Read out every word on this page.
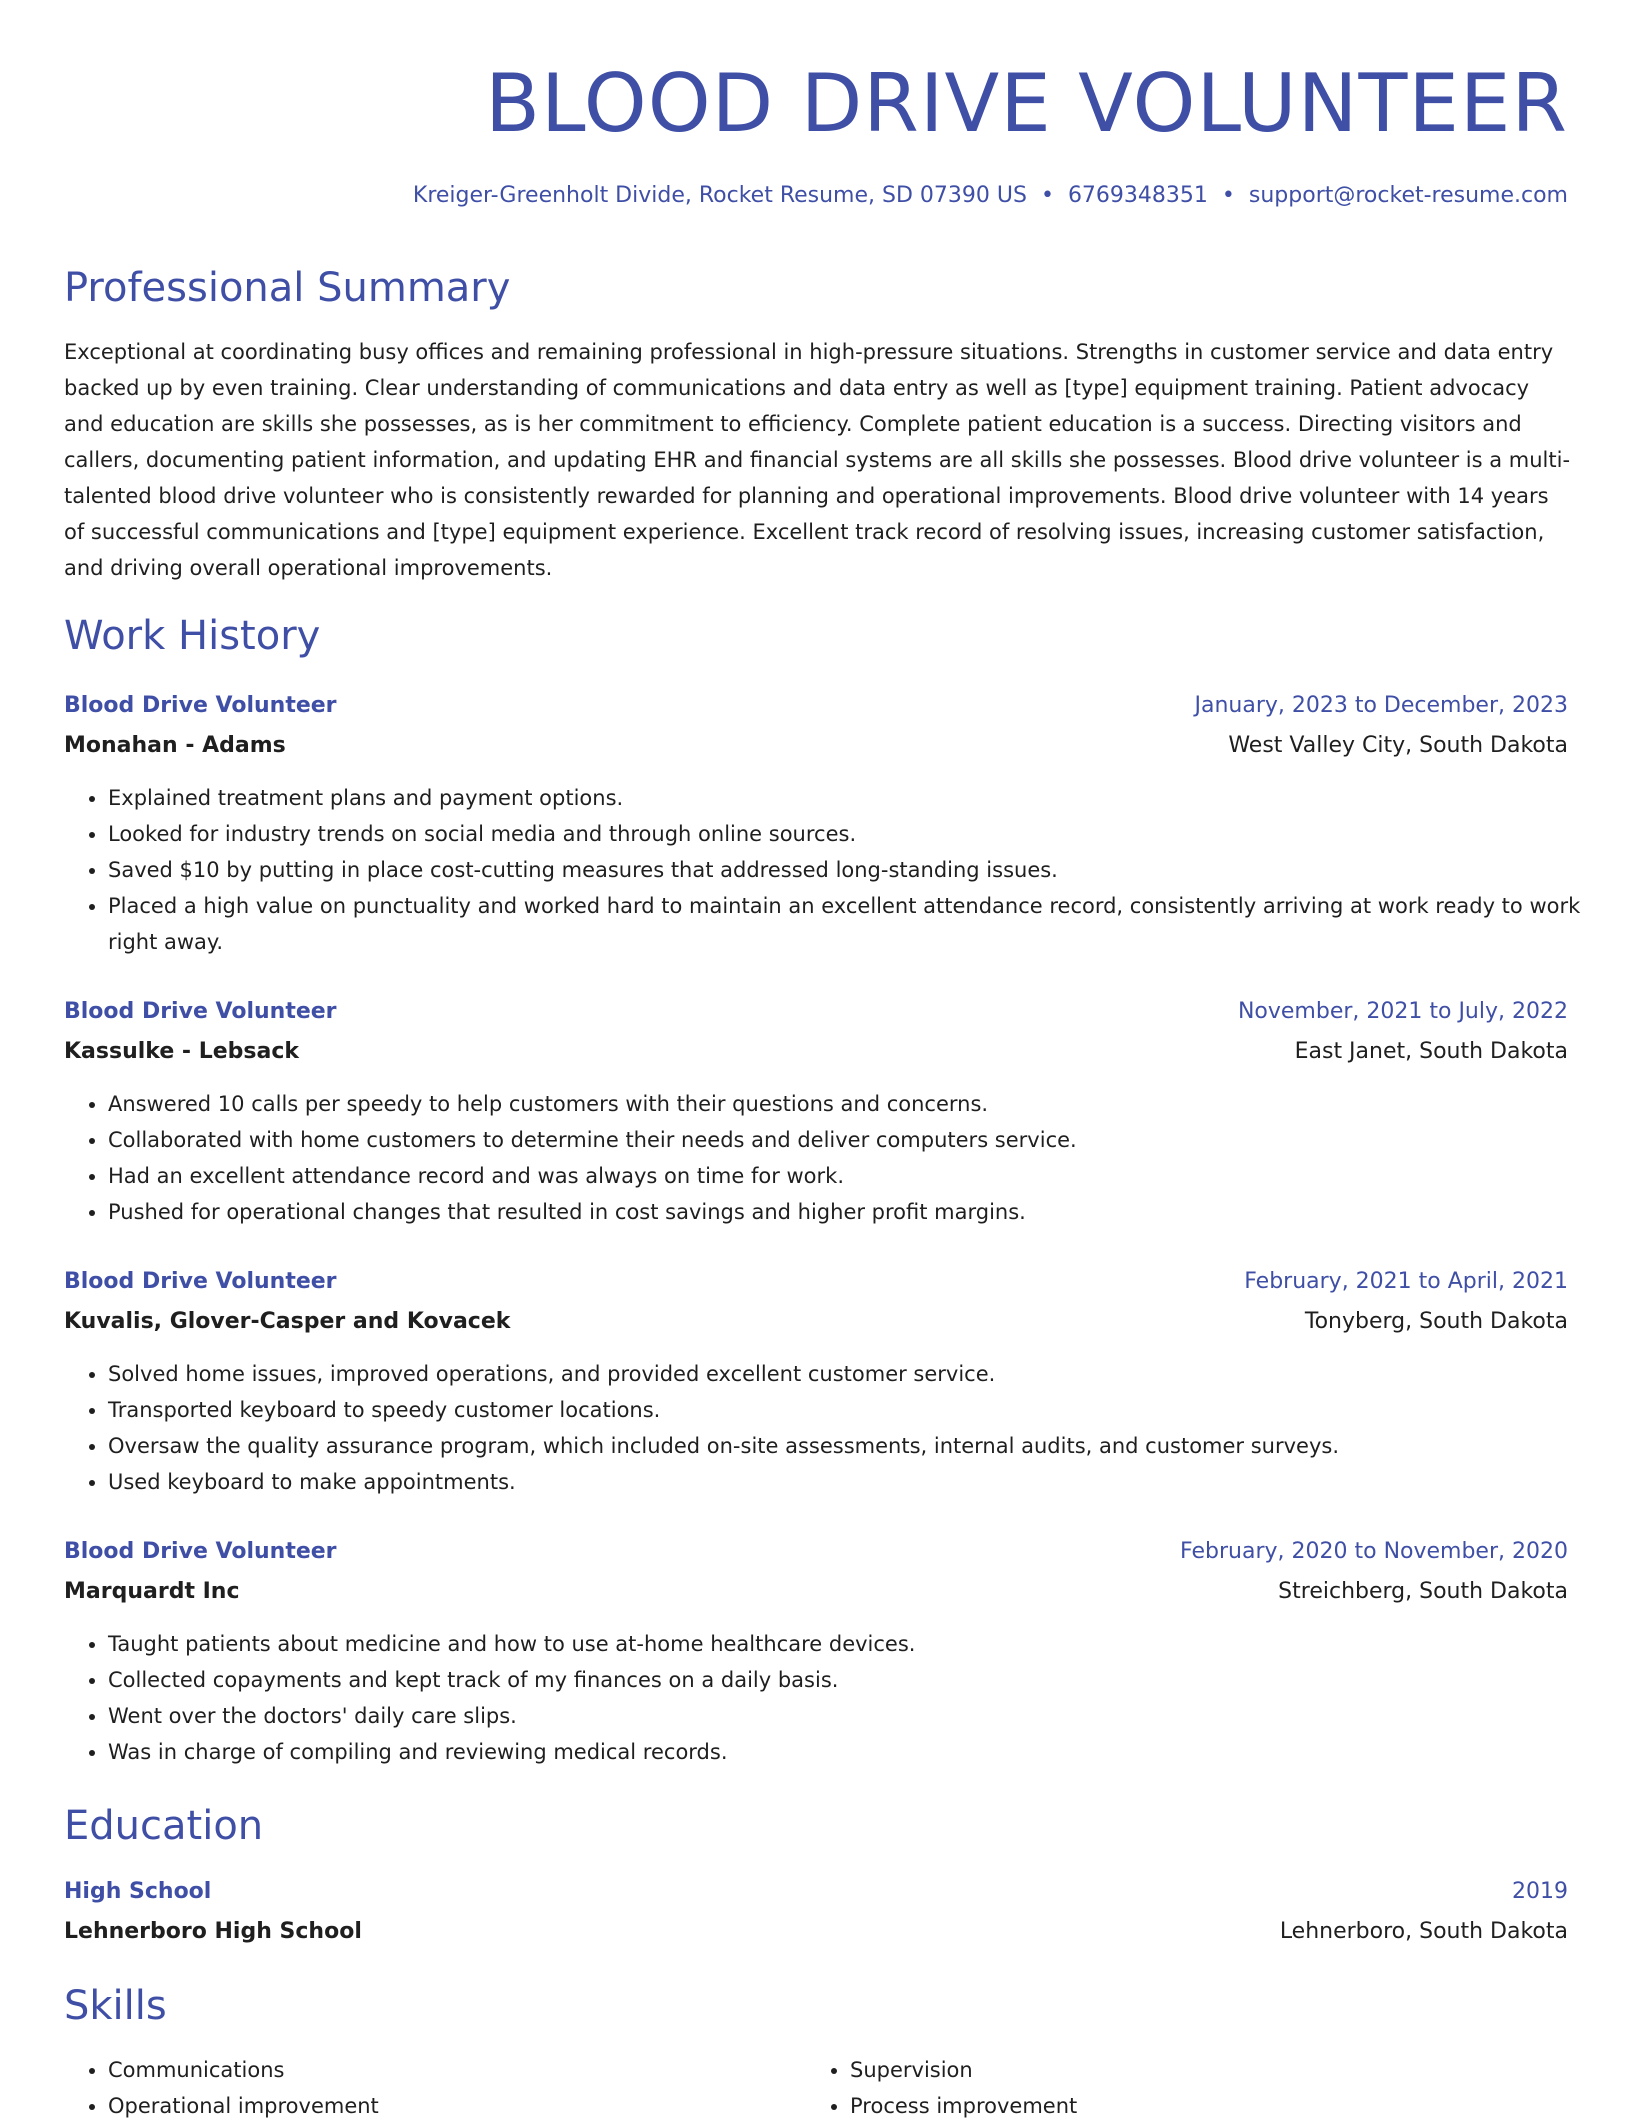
BLOOD DRIVE VOLUNTEER
Kreiger-Greenholt Divide, Rocket Resume, SD 07390 US • 6769348351 • support@rocket-resume.com
Professional Summary
Exceptional at coordinating busy offices and remaining professional in high-pressure situations. Strengths in customer service and data entry backed up by even training. Clear understanding of communications and data entry as well as [type] equipment training. Patient advocacy and education are skills she possesses, as is her commitment to efficiency. Complete patient education is a success. Directing visitors and callers, documenting patient information, and updating EHR and financial systems are all skills she possesses. Blood drive volunteer is a multi-talented blood drive volunteer who is consistently rewarded for planning and operational improvements. Blood drive volunteer with 14 years of successful communications and [type] equipment experience. Excellent track record of resolving issues, increasing customer satisfaction, and driving overall operational improvements.
Work History
Blood Drive Volunteer	January, 2023 to December, 2023
Monahan - Adams	West Valley City, South Dakota
• Explained treatment plans and payment options.
• Looked for industry trends on social media and through online sources.
• Saved $10 by putting in place cost-cutting measures that addressed long-standing issues.
• Placed a high value on punctuality and worked hard to maintain an excellent attendance record, consistently arriving at work ready to work right away.
Blood Drive Volunteer	November, 2021 to July, 2022
Kassulke - Lebsack	East Janet, South Dakota
• Answered 10 calls per speedy to help customers with their questions and concerns.
• Collaborated with home customers to determine their needs and deliver computers service.
• Had an excellent attendance record and was always on time for work.
• Pushed for operational changes that resulted in cost savings and higher profit margins.
Blood Drive Volunteer	February, 2021 to April, 2021
Kuvalis, Glover-Casper and Kovacek	Tonyberg, South Dakota
• Solved home issues, improved operations, and provided excellent customer service.
• Transported keyboard to speedy customer locations.
• Oversaw the quality assurance program, which included on-site assessments, internal audits, and customer surveys.
• Used keyboard to make appointments.
Blood Drive Volunteer	February, 2020 to November, 2020
Marquardt Inc	Streichberg, South Dakota
• Taught patients about medicine and how to use at-home healthcare devices.
• Collected copayments and kept track of my finances on a daily basis.
• Went over the doctors' daily care slips.
• Was in charge of compiling and reviewing medical records.
Education
High School	2019
Lehnerboro High School	Lehnerboro, South Dakota
Skills
• Communications
• Operational improvement
• Supervision
• Process improvement
